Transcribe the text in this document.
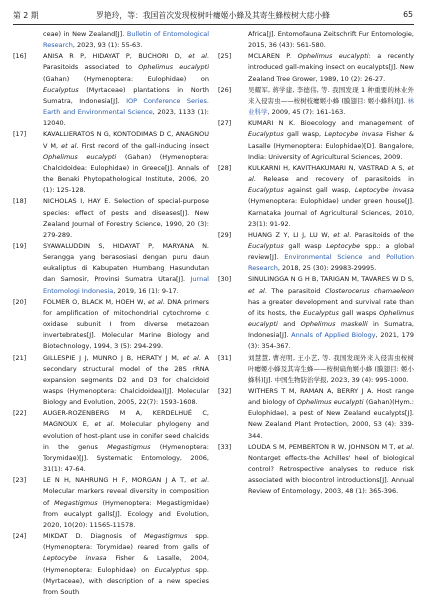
第 2 期	罗艳玲，等：我国首次发现桉树叶瘿姬小蜂及其寄生蜂桉树大痣小蜂	65
ceae) in New Zealand[J]. Bulletin of Entomological Research, 2023, 93 (1): 55-63.
[16]	ANISA R P, HIDAYAT P, BUCHORI D, et al. Parasitoids associated to Ophelimus eucalypti (Gahan) (Hymenoptera: Eulophidae) on Eucalyptus (Myrtaceae) plantations in North Sumatra, Indonesia[J]. IOP Conference Series. Earth and Environmental Science, 2023, 1133 (1): 12040.
[17]	KAVALLIERATOS N G, KONTODIMAS D C, ANAGNOU V M, et al. First record of the gall-inducing insect Ophelimus eucalypti (Gahan) (Hymenoptera: Chalcidoidea: Eulophidae) in Greece[J]. Annals of the Benaki Phytopathological Institute, 2006, 20 (1): 125-128.
[18]	NICHOLAS I, HAY E. Selection of special-purpose species: effect of pests and diseases[J]. New Zealand Journal of Forestry Science, 1990, 20 (3): 279-289.
[19]	SYAWALUDDIN S, HIDAYAT P, MARYANA N. Serangga yang berasosiasi dengan puru daun eukaliptus di Kabupaten Humbang Hasundutan dan Samosir, Provinsi Sumatra Utara[J]. Jurnal Entomologi Indonesia, 2019, 16 (1): 9-17.
[20]	FOLMER O, BLACK M, HOEH W, et al. DNA primers for amplification of mitochondrial cytochrome c oxidase subunit I from diverse metazoan invertebrates[J]. Molecular Marine Biology and Biotechnology, 1994, 3 (5): 294-299.
[21]	GILLESPIE J J, MUNRO J B, HERATY J M, et al. A secondary structural model of the 28S rRNA expansion segments D2 and D3 for chalcidoid wasps (Hymenoptera: Chalcidoidea)[J]. Molecular Biology and Evolution, 2005, 22(7): 1593-1608.
[22]	AUGER-ROZENBERG M A, KERDELHUÉ C, MAGNOUX E, et al. Molecular phylogeny and evolution of host-plant use in conifer seed chalcids in the genus Megastigmus (Hymenoptera: Torymidae)[J]. Systematic Entomology, 2006, 31(1): 47-64.
[23]	LE N H, NAHRUNG H F, MORGAN J A T, et al. Molecular markers reveal diversity in composition of Megastigmus (Hymenoptera: Megastigmidae) from eucalypt galls[J]. Ecology and Evolution, 2020, 10(20): 11565-11578.
[24]	MIKDAT D. Diagnosis of Megastigmus spp. (Hymenoptera: Torymidae) reared from galls of Leptocybe invasa Fisher & Lasalle, 2004, (Hymenoptera: Eulophidae) on Eucalyptus spp. (Myrtaceae), with description of a new species from South
Africa[J]. Entomofauna Zeitschrift Fur Entomologie, 2015, 36 (43): 561-580.
[25]	MCLAREN P. Ophelimus eucalypti: a recently introduced gall-making insect on eucalypts[J]. New Zealand Tree Grower, 1989, 10 (2): 26-27.
[26]	吴耀军, 蒋学建, 李德伟, 等. 我国发现 1 种重要的林业外来入侵害虫——桉树枝瘿姬小蜂 (膜翅目: 姬小蜂科)[J]. 林业科学, 2009, 45 (7): 161-163.
[27]	KUMARI N K. Bioecology and management of Eucalyptus gall wasp, Leptocybe invasa Fisher & Lasalle (Hymenoptera: Eulophidae)[D]. Bangalore, India: University of Agricultural Sciences, 2009.
[28]	KULKARNI H, KAVITHAKUMARI N, VASTRAD A S, et al. Release and recovery of parasitoids in Eucalyptus against gall wasp, Leptocybe invasa (Hymenoptera: Eulophidae) under green house[J]. Karnataka Journal of Agricultural Sciences, 2010, 23(1): 91-92.
[29]	HUANG Z Y, LI J, LU W, et al. Parasitoids of the Eucalyptus gall wasp Leptocybe spp.: a global review[J]. Environmental Science and Pollution Research, 2018, 25 (30): 29983-29995.
[30]	SINULINGGA N G H B, TARIGAN M, TAVARES W D S, et al. The parasitoid Closterocerus chamaeleon has a greater development and survival rate than of its hosts, the Eucalyptus gall wasps Ophelimus eucalypti and Ophelimus maskelli in Sumatra, Indonesia[J]. Annals of Applied Biology, 2021, 179 (3): 354-367.
[31]	刘慧慧, 曹亮明, 王小艺, 等. 我国发现外来入侵害虫桉树叶瘿姬小蜂及其寄生蜂——桉树扁角姬小蜂 (膜翅目: 姬小蜂科)[J]. 中国生物防治学报, 2023, 39 (4): 995-1000.
[32]	WITHERS T M, RAMAN A, BERRY J A. Host range and biology of Ophelimus eucalypti (Gahan)(Hym.: Eulophidae), a pest of New Zealand eucalypts[J]. New Zealand Plant Protection, 2000, 53 (4): 339-344.
[33]	LOUDA S M, PEMBERTON R W, JOHNSON M T, et al. Nontarget effects-the Achilles' heel of biological control? Retrospective analyses to reduce risk associated with biocontrol introductions[J]. Annual Review of Entomology, 2003, 48 (1): 365-396.
